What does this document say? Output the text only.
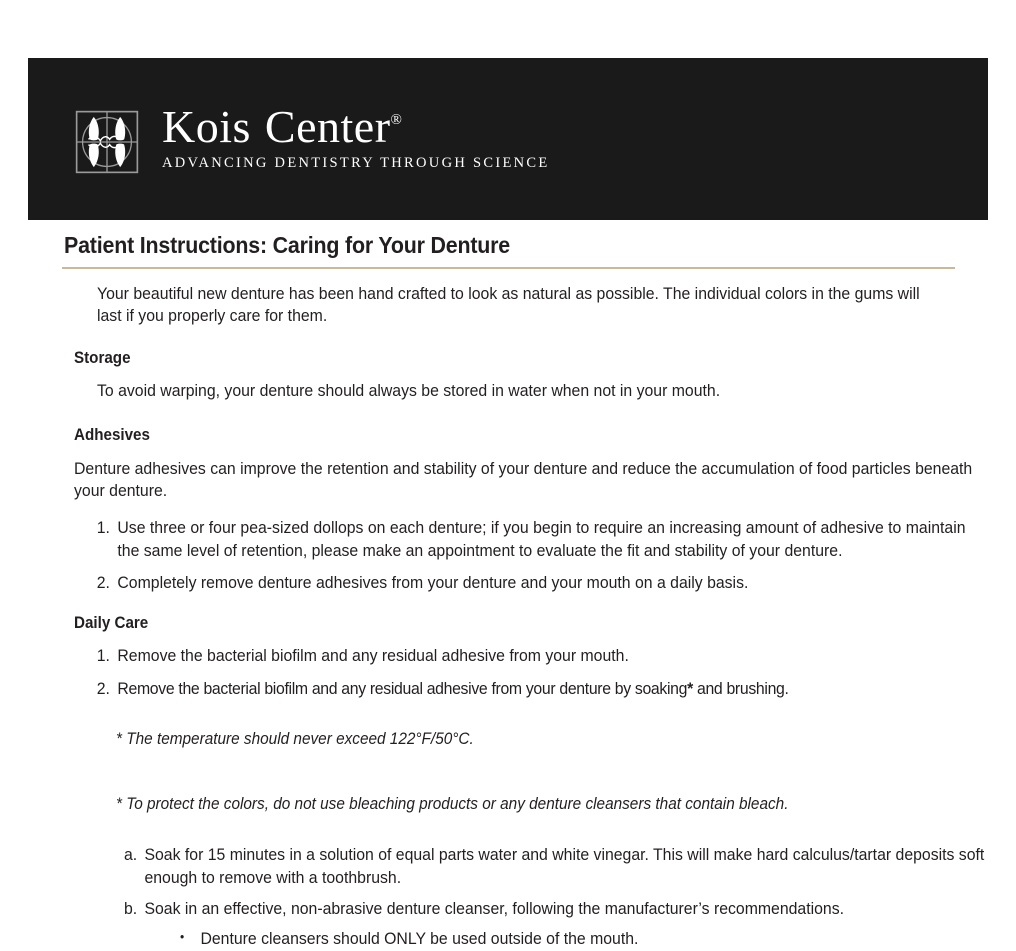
Kois Center®
ADVANCING DENTISTRY THROUGH SCIENCE
Patient Instructions: Caring for Your Denture

Your beautiful new denture has been hand crafted to look as natural as possible. The individual colors in the gums will last if you properly care for them.

Storage

To avoid warping, your denture should always be stored in water when not in your mouth.

Adhesives

Denture adhesives can improve the retention and stability of your denture and reduce the accumulation of food particles beneath your denture.

1. Use three or four pea-sized dollops on each denture; if you begin to require an increasing amount of adhesive to maintain the same level of retention, please make an appointment to evaluate the fit and stability of your denture.
2. Completely remove denture adhesives from your denture and your mouth on a daily basis.
Daily Care
1. Remove the bacterial biofilm and any residual adhesive from your mouth.
2. Remove the bacterial biofilm and any residual adhesive from your denture by soaking* and brushing.

* The temperature should never exceed 122°F/50°C.

* To protect the colors, do not use bleaching products or any denture cleansers that contain bleach.

a. Soak for 15 minutes in a solution of equal parts water and white vinegar. This will make hard calculus/tartar deposits soft enough to remove with a toothbrush.
b. Soak in an effective, non-abrasive denture cleanser, following the manufacturer’s recommendations.
• Denture cleansers should ONLY be used outside of the mouth.
